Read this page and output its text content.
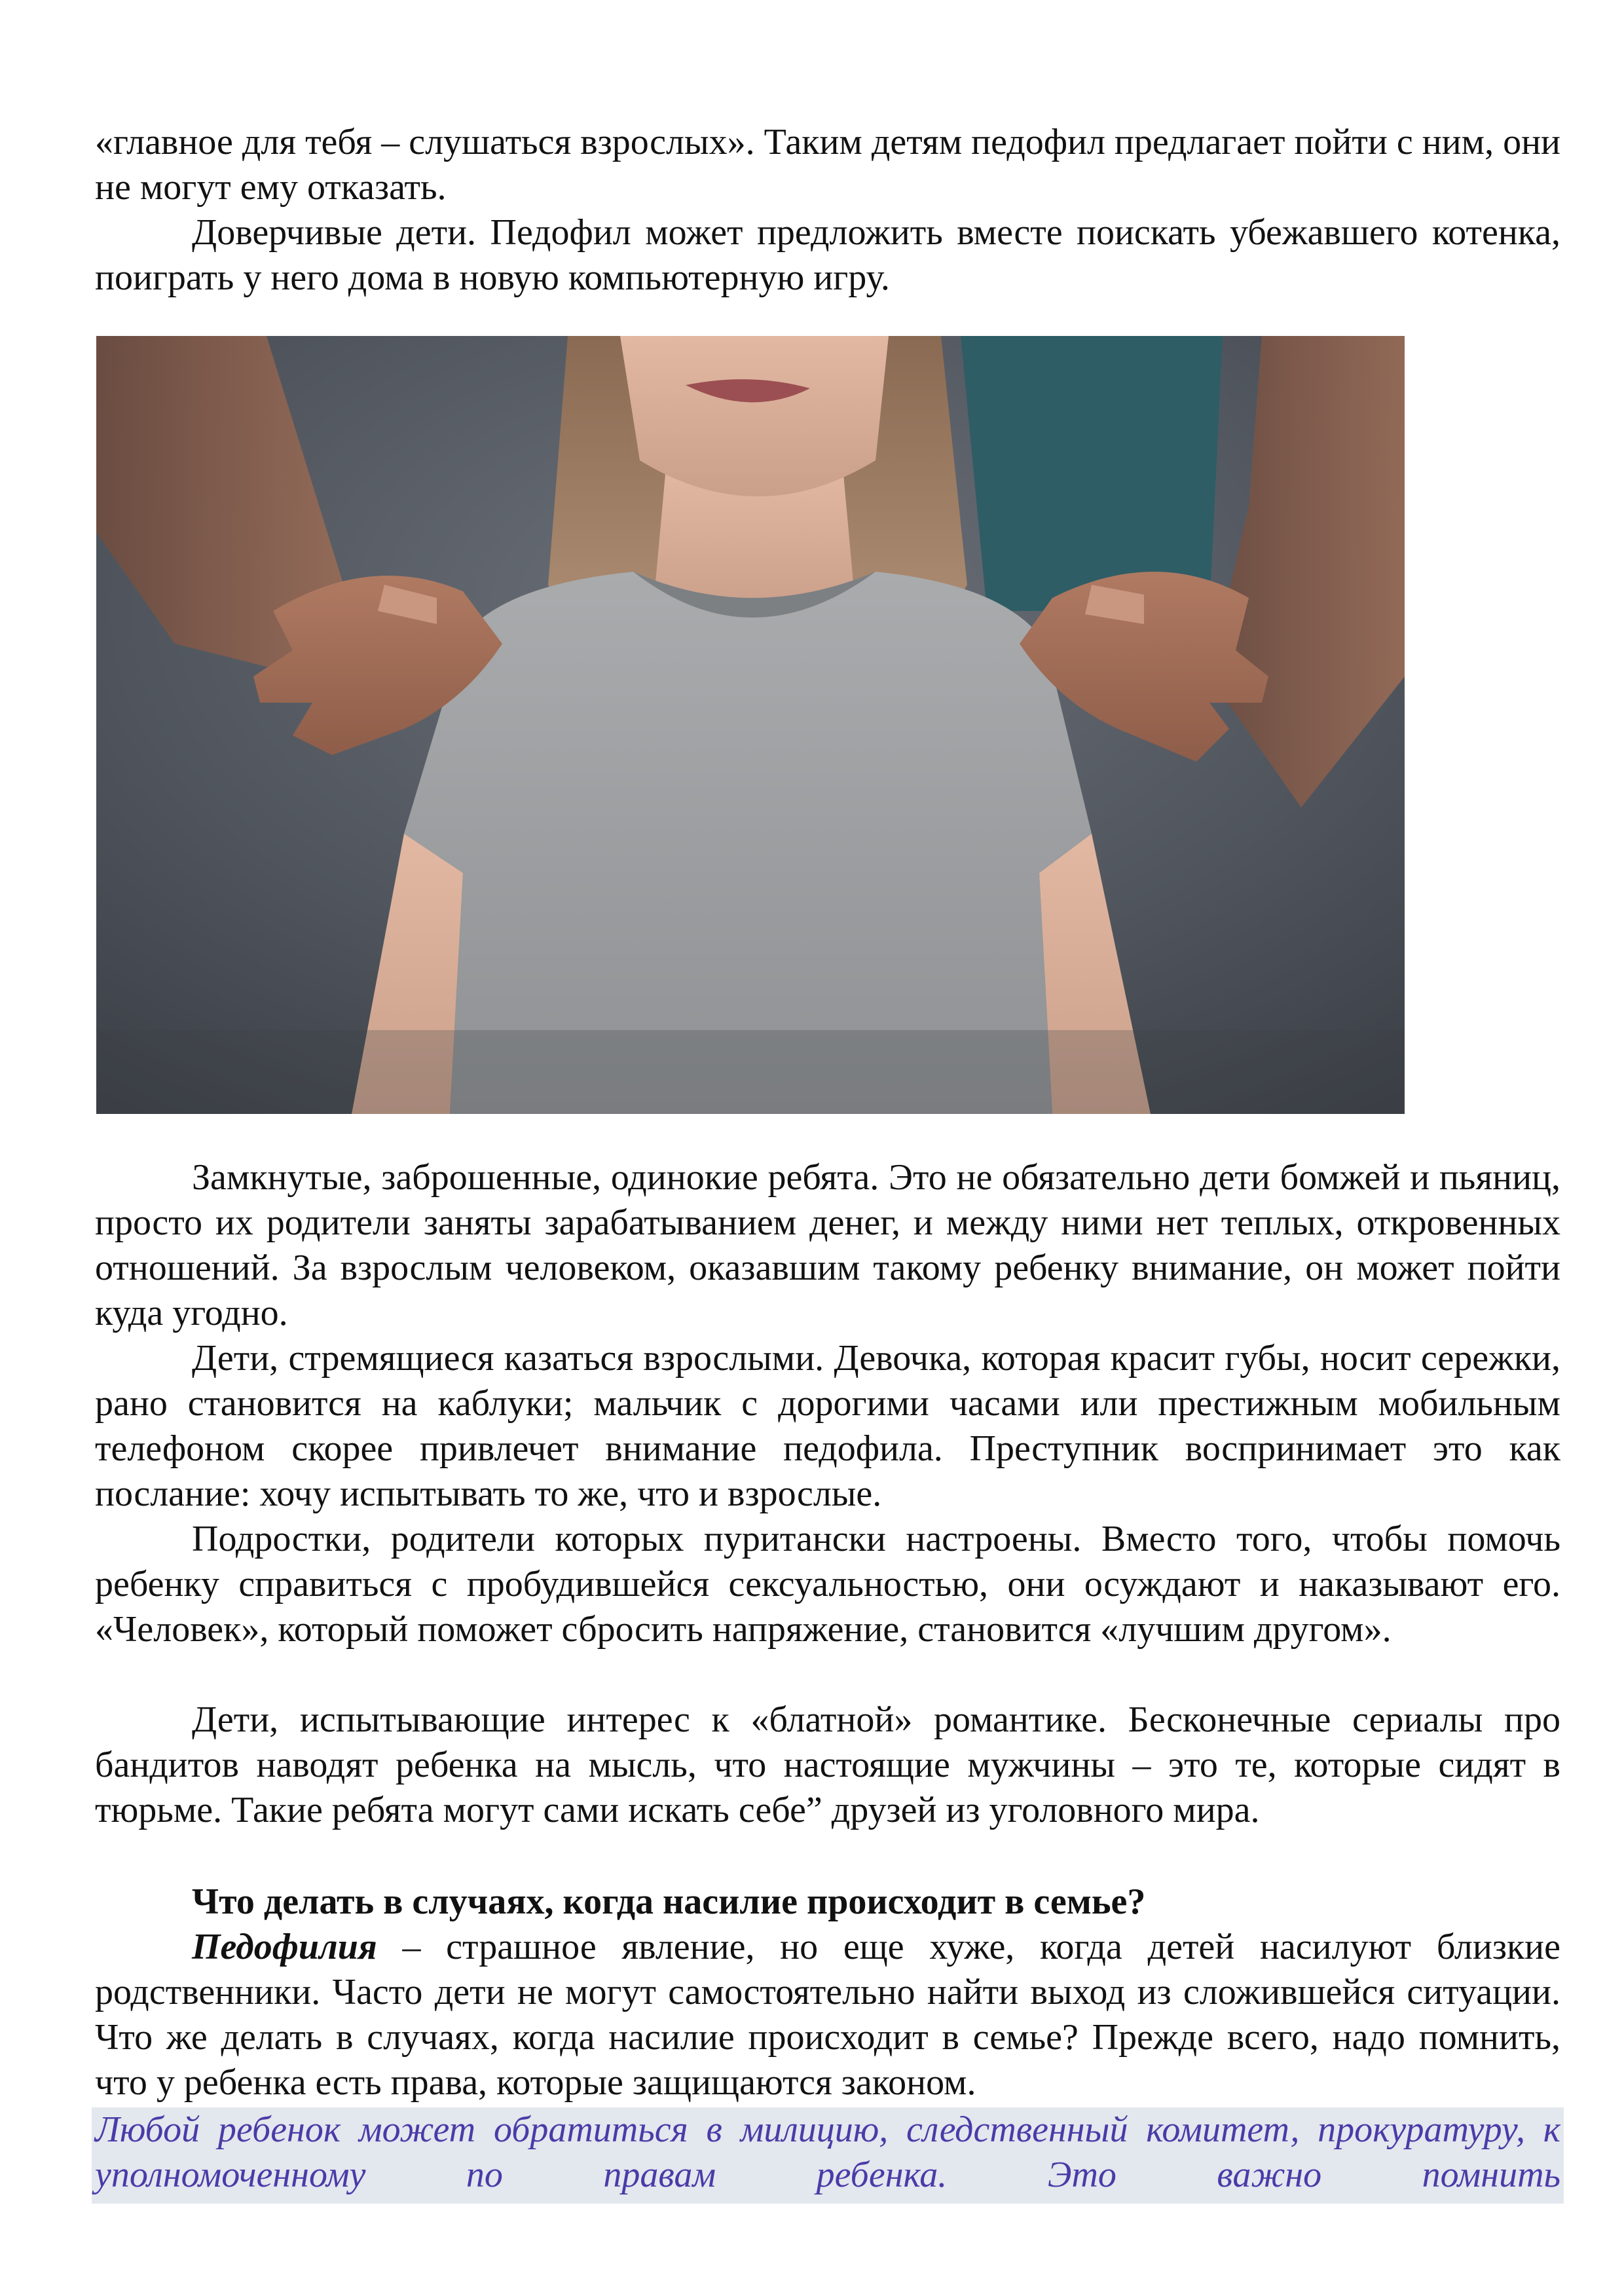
«главное для тебя – слушаться взрослых». Таким детям педофил предлагает пойти с ним, они не могут ему отказать.

Доверчивые дети. Педофил может предложить вместе поискать убежавшего котенка, поиграть у него дома в новую компьютерную игру.

Замкнутые, заброшенные, одинокие ребята. Это не обязательно дети бомжей и пьяниц, просто их родители заняты зарабатыванием денег, и между ними нет теплых, откровенных отношений. За взрослым человеком, оказавшим такому ребенку внимание, он может пойти куда угодно.

Дети, стремящиеся казаться взрослыми. Девочка, которая красит губы, носит сережки, рано становится на каблуки; мальчик с дорогими часами или престижным мобильным телефоном скорее привлечет внимание педофила. Преступник воспринимает это как послание: хочу испытывать то же, что и взрослые.

Подростки, родители которых пуритански настроены. Вместо того, чтобы помочь ребенку справиться с пробудившейся сексуальностью, они осуждают и наказывают его. «Человек», который поможет сбросить напряжение, становится «лучшим другом».

Дети, испытывающие интерес к «блатной» романтике. Бесконечные сериалы про бандитов наводят ребенка на мысль, что настоящие мужчины – это те, которые сидят в тюрьме. Такие ребята могут сами искать себе” друзей из уголовного мира.

Что делать в случаях, когда насилие происходит в семье?

Педофилия – страшное явление, но еще хуже, когда детей насилуют близкие родственники. Часто дети не могут самостоятельно найти выход из сложившейся ситуации. Что же делать в случаях, когда насилие происходит в семье? Прежде всего, надо помнить, что у ребенка есть права, которые защищаются законом.

Любой ребенок может обратиться в милицию, следственный комитет, прокуратуру, к уполномоченному по правам ребенка. Это важно помнить
